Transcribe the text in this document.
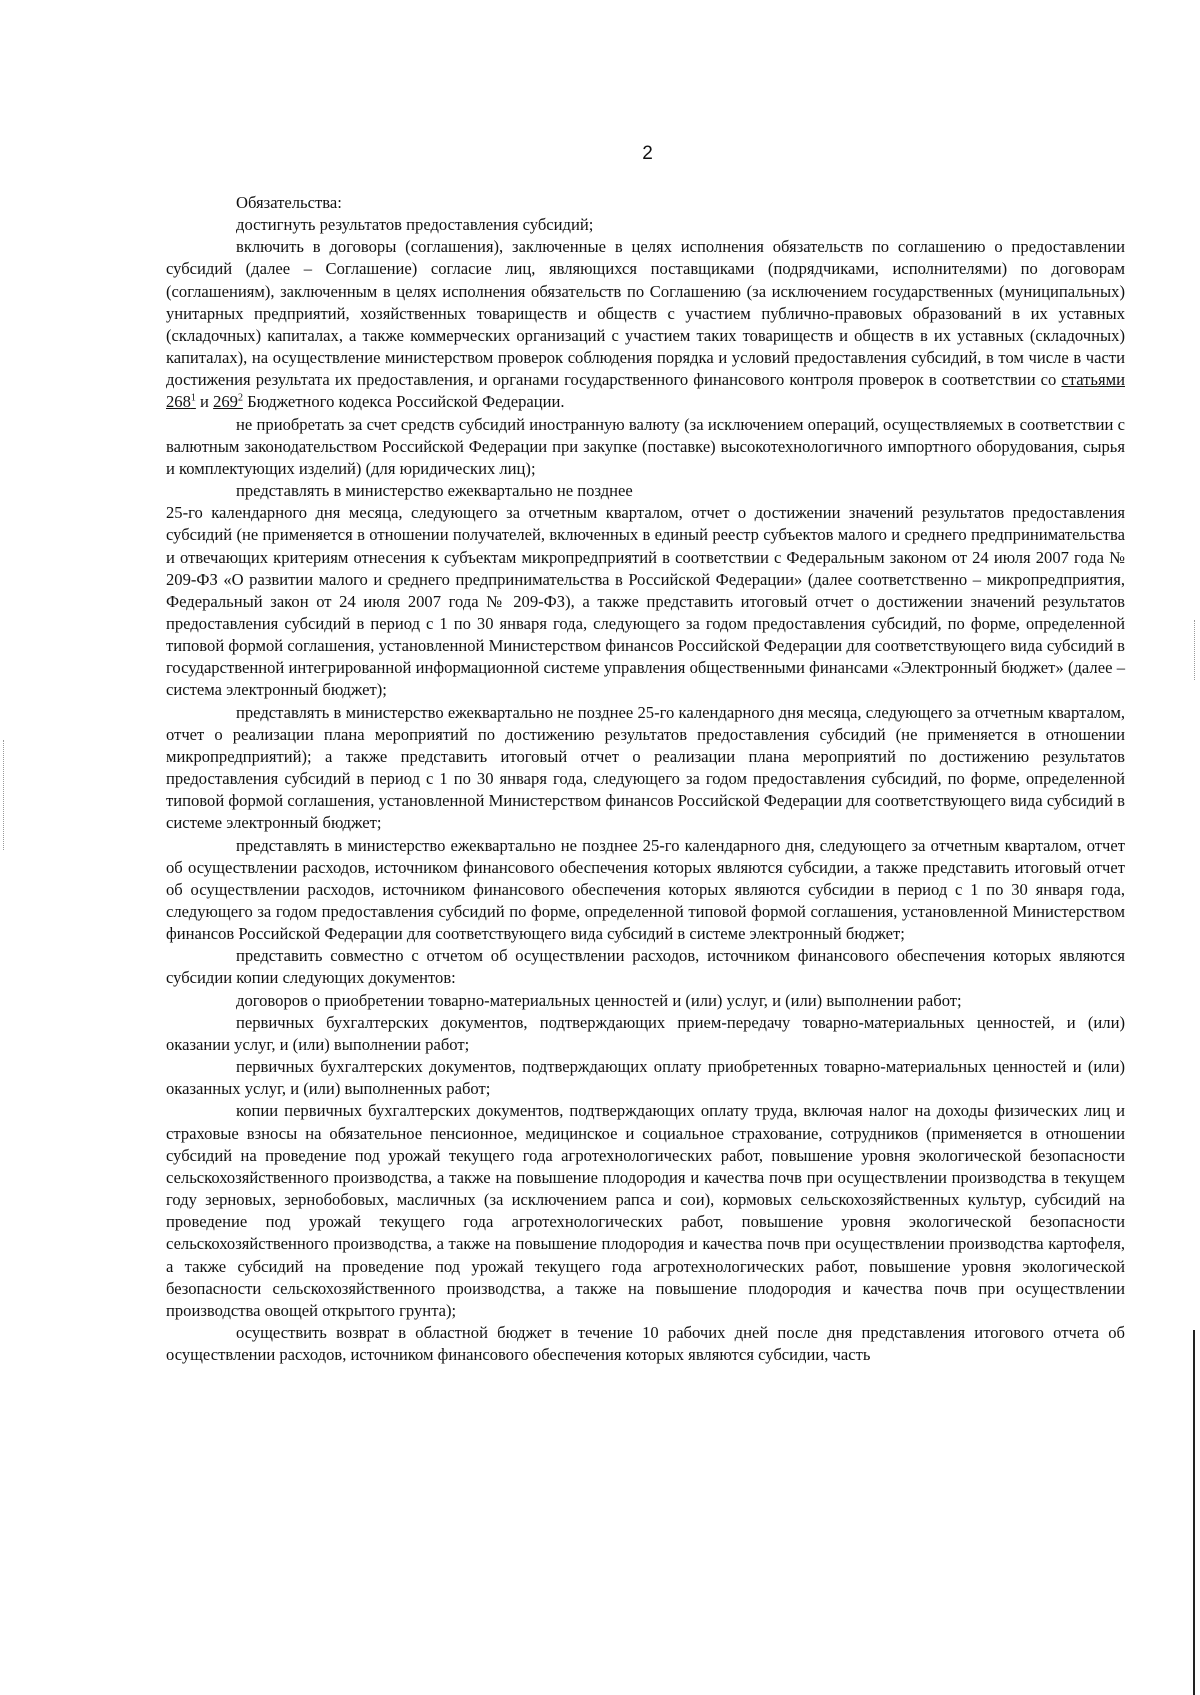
2

Обязательства:

достигнуть результатов предоставления субсидий;

включить в договоры (соглашения), заключенные в целях исполнения обязательств по соглашению о предоставлении субсидий (далее – Соглашение) согласие лиц, являющихся поставщиками (подрядчиками, исполнителями) по договорам (соглашениям), заключенным в целях исполнения обязательств по Соглашению (за исключением государственных (муниципальных) унитарных предприятий, хозяйственных товариществ и обществ с участием публично-правовых образований в их уставных (складочных) капиталах, а также коммерческих организаций с участием таких товариществ и обществ в их уставных (складочных) капиталах), на осуществление министерством проверок соблюдения порядка и условий предоставления субсидий, в том числе в части достижения результата их предоставления, и органами государственного финансового контроля проверок в соответствии со статьями $268^1$ и $269^2$ Бюджетного кодекса Российской Федерации.

не приобретать за счет средств субсидий иностранную валюту (за исключением операций, осуществляемых в соответствии с валютным законодательством Российской Федерации при закупке (поставке) высокотехнологичного импортного оборудования, сырья и комплектующих изделий) (для юридических лиц);

представлять в министерство ежеквартально не позднее

25-го календарного дня месяца, следующего за отчетным кварталом, отчет о достижении значений результатов предоставления субсидий (не применяется в отношении получателей, включенных в единый реестр субъектов малого и среднего предпринимательства и отвечающих критериям отнесения к субъектам микропредприятий в соответствии с Федеральным законом от 24 июля 2007 года № 209-ФЗ «О развитии малого и среднего предпринимательства в Российской Федерации» (далее соответственно – микропредприятия, Федеральный закон от 24 июля 2007 года № 209-ФЗ), а также представить итоговый отчет о достижении значений результатов предоставления субсидий в период с 1 по 30 января года, следующего за годом предоставления субсидий, по форме, определенной типовой формой соглашения, установленной Министерством финансов Российской Федерации для соответствующего вида субсидий в государственной интегрированной информационной системе управления общественными финансами «Электронный бюджет» (далее – система электронный бюджет);

представлять в министерство ежеквартально не позднее 25-го календарного дня месяца, следующего за отчетным кварталом, отчет о реализации плана мероприятий по достижению результатов предоставления субсидий (не применяется в отношении микропредприятий); а также представить итоговый отчет о реализации плана мероприятий по достижению результатов предоставления субсидий в период с 1 по 30 января года, следующего за годом предоставления субсидий, по форме, определенной типовой формой соглашения, установленной Министерством финансов Российской Федерации для соответствующего вида субсидий в системе электронный бюджет;

представлять в министерство ежеквартально не позднее 25-го календарного дня, следующего за отчетным кварталом, отчет об осуществлении расходов, источником финансового обеспечения которых являются субсидии, а также представить итоговый отчет об осуществлении расходов, источником финансового обеспечения которых являются субсидии в период с 1 по 30 января года, следующего за годом предоставления субсидий по форме, определенной типовой формой соглашения, установленной Министерством финансов Российской Федерации для соответствующего вида субсидий в системе электронный бюджет;

представить совместно с отчетом об осуществлении расходов, источником финансового обеспечения которых являются субсидии копии следующих документов:

договоров о приобретении товарно-материальных ценностей и (или) услуг, и (или) выполнении работ;

первичных бухгалтерских документов, подтверждающих прием-передачу товарно-материальных ценностей, и (или) оказании услуг, и (или) выполнении работ;

первичных бухгалтерских документов, подтверждающих оплату приобретенных товарно-материальных ценностей и (или) оказанных услуг, и (или) выполненных работ;

копии первичных бухгалтерских документов, подтверждающих оплату труда, включая налог на доходы физических лиц и страховые взносы на обязательное пенсионное, медицинское и социальное страхование, сотрудников (применяется в отношении субсидий на проведение под урожай текущего года агротехнологических работ, повышение уровня экологической безопасности сельскохозяйственного производства, а также на повышение плодородия и качества почв при осуществлении производства в текущем году зерновых, зернобобовых, масличных (за исключением рапса и сои), кормовых сельскохозяйственных культур, субсидий на проведение под урожай текущего года агротехнологических работ, повышение уровня экологической безопасности сельскохозяйственного производства, а также на повышение плодородия и качества почв при осуществлении производства картофеля, а также субсидий на проведение под урожай текущего года агротехнологических работ, повышение уровня экологической безопасности сельскохозяйственного производства, а также на повышение плодородия и качества почв при осуществлении производства овощей открытого грунта);

осуществить возврат в областной бюджет в течение 10 рабочих дней после дня представления итогового отчета об осуществлении расходов, источником финансового обеспечения которых являются субсидии, часть
